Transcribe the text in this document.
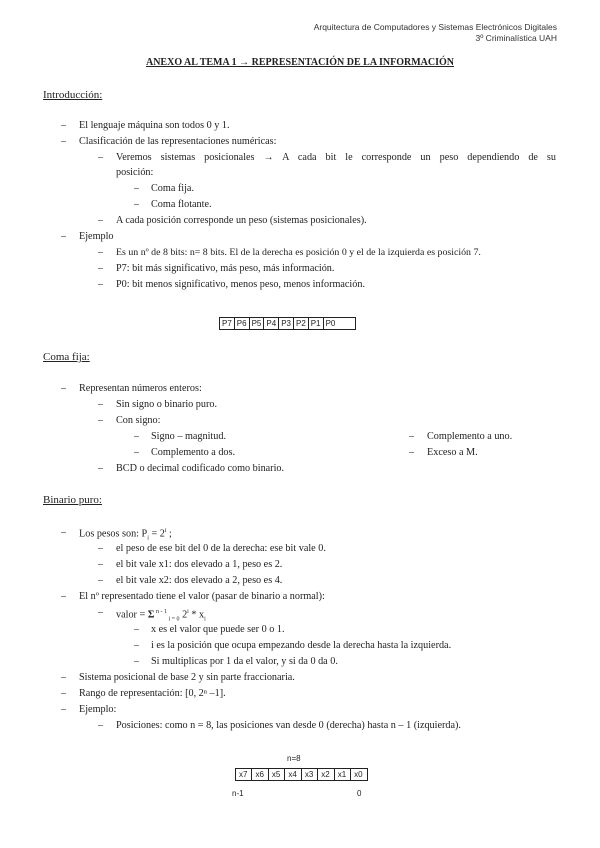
Arquitectura de Computadores y Sistemas Electrónicos Digitales
3º Criminalística UAH
ANEXO AL TEMA 1 → REPRESENTACIÓN DE LA INFORMACIÓN
Introducción:
– El lenguaje máquina son todos 0 y 1.
– Clasificación de las representaciones numéricas:
– Veremos sistemas posicionales → A cada bit le corresponde un peso dependiendo de su
posición:
– Coma fija.
– Coma flotante.
– A cada posición corresponde un peso (sistemas posicionales).
– Ejemplo
– Es un nº de 8 bits: n= 8 bits. El de la derecha es posición 0 y el de la izquierda es posición 7.
– P7: bit más significativo, más peso, más información.
– P0: bit menos significativo, menos peso, menos información.
P7 P6 P5 P4 P3 P2 P1 P0
Coma fija:
– Representan números enteros:
– Sin signo o binario puro.
– Con signo:
– Signo – magnitud.	– Complemento a uno.
– Complemento a dos.	– Exceso a M.
– BCD o decimal codificado como binario.
Binario puro:
– Los pesos son: $P_i = 2^i$ ;
– el peso de ese bit del 0 de la derecha: ese bit vale 0.
– el bit vale x1: dos elevado a 1, peso es 2.
– el bit vale x2: dos elevado a 2, peso es 4.
– El nº representado tiene el valor (pasar de binario a normal):
– valor = Σ $^{n - 1}$ $_{i = 0}$ $2^i * x_i$
– x es el valor que puede ser 0 o 1.
– i es la posición que ocupa empezando desde la derecha hasta la izquierda.
– Si multiplicas por 1 da el valor, y si da 0 da 0.
– Sistema posicional de base 2 y sin parte fraccionaria.
– Rango de representación: [0, 2ⁿ –1].
– Ejemplo:
– Posiciones: como n = 8, las posiciones van desde 0 (derecha) hasta n – 1 (izquierda).
n=8
x7	x6	x5	x4	x3	x2	x1	x0
n-1	0
